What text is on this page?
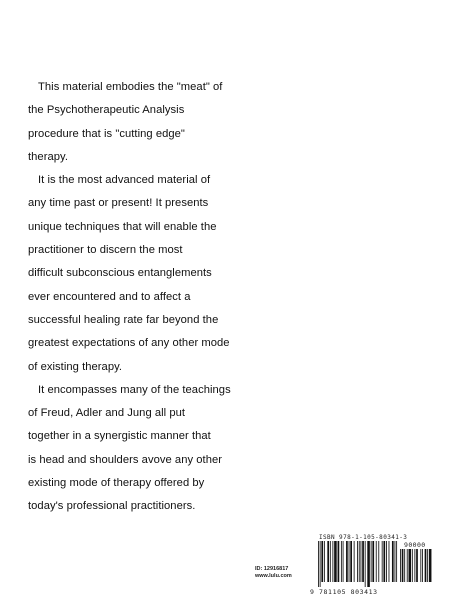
This material embodies the "meat" of
the Psychotherapeutic Analysis
procedure that is "cutting edge"
therapy.
It is the most advanced material of
any time past or present! It presents
unique techniques that will enable the
practitioner to discern the most
difficult subconscious entanglements
ever encountered and to affect a
successful healing rate far beyond the
greatest expectations of any other mode
of existing therapy.
It encompasses many of the teachings
of Freud, Adler and Jung all put
together in a synergistic manner that
is head and shoulders avove any other
existing mode of therapy offered by
today's professional practitioners.
ID: 12916817
www.lulu.com
ISBN 978-1-105-80341-3
90000
9 781105 803413
